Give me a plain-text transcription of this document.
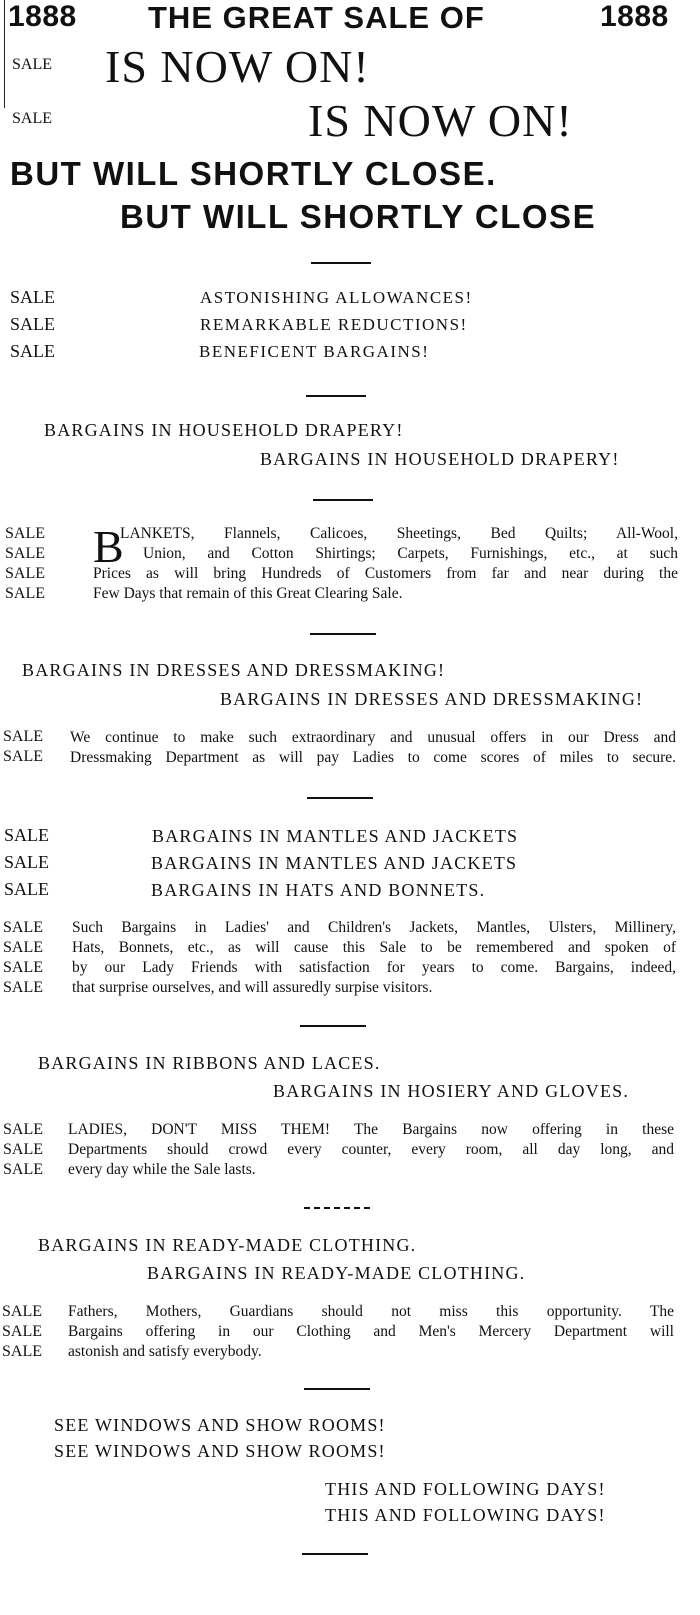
1888 THE GREAT SALE OF	1888
SALE IS NOW ON!
SALE	IS NOW ON!
BUT WILL SHORTLY CLOSE.
BUT WILL SHORTLY CLOSE
SALE
SALE
SALE
ASTONISHING ALLOWANCES!
REMARKABLE REDUCTIONS!
BENEFICENT BARGAINS!
BARGAINS IN HOUSEHOLD DRAPERY!
BARGAINS IN HOUSEHOLD DRAPERY!
SALE
SALE
SALE
SALE
B
LANKETS, Flannels, Calicoes, Sheetings, Bed Quilts; All-Wool,
Union, and Cotton Shirtings; Carpets, Furnishings, etc., at such
Prices as will bring Hundreds of Customers from far and near during the
Few Days that remain of this Great Clearing Sale.
BARGAINS IN DRESSES AND DRESSMAKING!
BARGAINS IN DRESSES AND DRESSMAKING!
SALE
SALE
We continue to make such extraordinary and unusual offers in our Dress and
Dressmaking Department as will pay Ladies to come scores of miles to secure.
SALE
SALE
SALE
BARGAINS IN MANTLES AND JACKETS
BARGAINS IN MANTLES AND JACKETS
BARGAINS IN HATS AND BONNETS.
SALE
SALE
SALE
SALE
Such Bargains in Ladies' and Children's Jackets, Mantles, Ulsters, Millinery,
Hats, Bonnets, etc., as will cause this Sale to be remembered and spoken of
by our Lady Friends with satisfaction for years to come. Bargains, indeed,
that surprise ourselves, and will assuredly surpise visitors.
BARGAINS IN RIBBONS AND LACES.
BARGAINS IN HOSIERY AND GLOVES.
SALE
SALE
SALE
LADIES, DON'T MISS THEM! The Bargains now offering in these
Departments should crowd every counter, every room, all day long, and
every day while the Sale lasts.
BARGAINS IN READY-MADE CLOTHING.
BARGAINS IN READY-MADE CLOTHING.
SALE
SALE
SALE
Fathers, Mothers, Guardians should not miss this opportunity. The
Bargains offering in our Clothing and Men's Mercery Department will
astonish and satisfy everybody.
SEE WINDOWS AND SHOW ROOMS!
SEE WINDOWS AND SHOW ROOMS!
THIS AND FOLLOWING DAYS!
THIS AND FOLLOWING DAYS!
